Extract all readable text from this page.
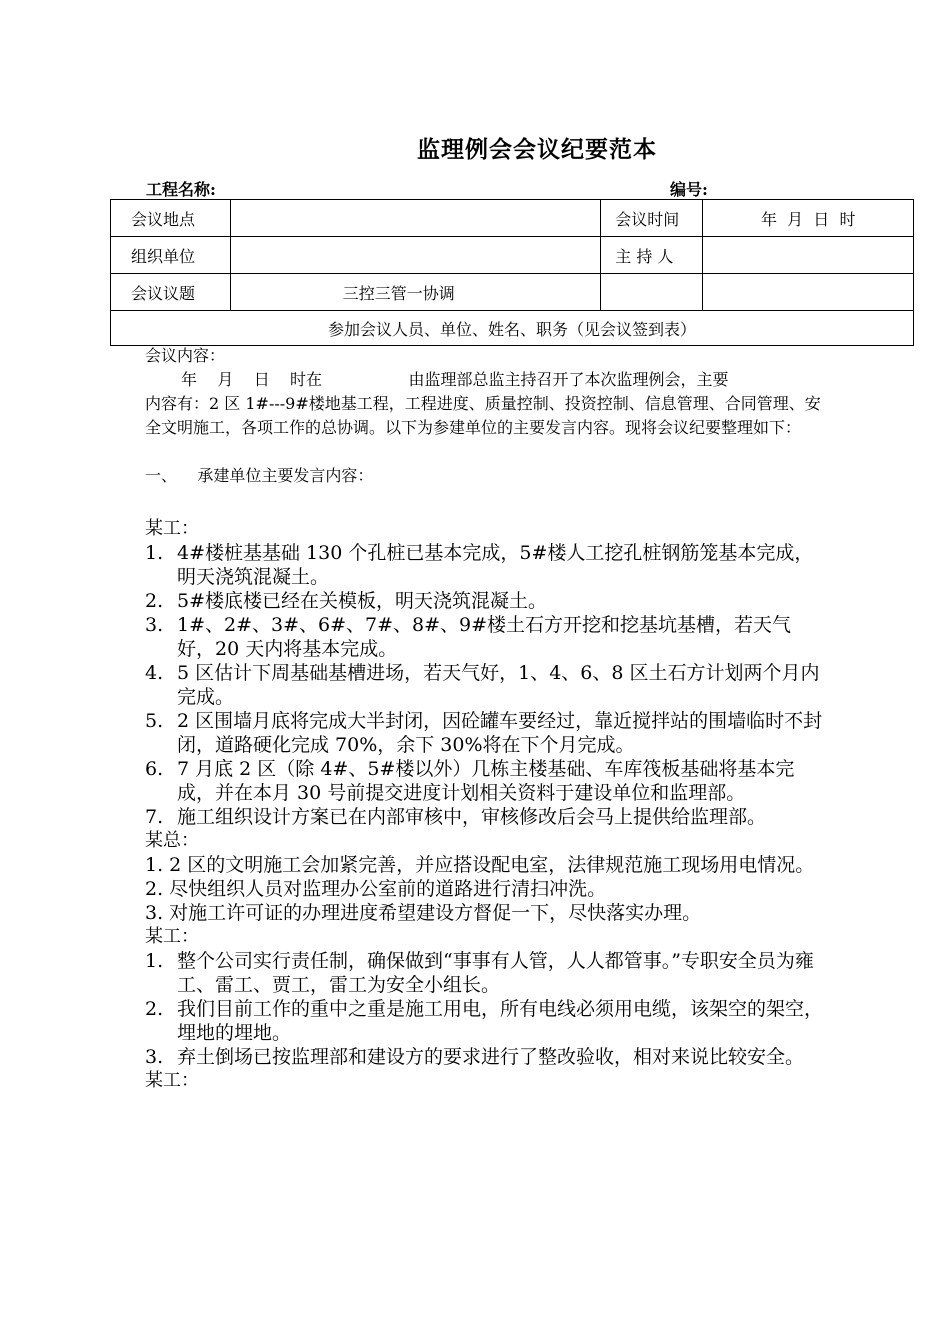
监理例会会议纪要范本
工程名称:	编号:
会议地点		会议时间	年  月  日  时
组织单位		主 持 人	
会议议题	三控三管一协调		
参加会议人员、单位、姓名、职务（见会议签到表）			

会议内容：

年    月    日    时在                 由监理部总监主持召开了本次监理例会，主要

内容有：2 区 1#---9#楼地基工程，工程进度、质量控制、投资控制、信息管理、合同管理、安全文明施工，各项工作的总协调。以下为参建单位的主要发言内容。现将会议纪要整理如下：

一、    承建单位主要发言内容：

某工：
1. 4#楼桩基基础 130 个孔桩已基本完成，5#楼人工挖孔桩钢筋笼基本完成，明天浇筑混凝土。
2. 5#楼底楼已经在关模板，明天浇筑混凝土。
3. 1#、2#、3#、6#、7#、8#、9#楼土石方开挖和挖基坑基槽，若天气好，20 天内将基本完成。
4. 5 区估计下周基础基槽进场，若天气好，1、4、6、8 区土石方计划两个月内完成。
5. 2 区围墙月底将完成大半封闭，因砼罐车要经过，靠近搅拌站的围墙临时不封闭，道路硬化完成 70%，余下 30%将在下个月完成。
6. 7 月底 2 区（除 4#、5#楼以外）几栋主楼基础、车库筏板基础将基本完成，并在本月 30 号前提交进度计划相关资料于建设单位和监理部。
7. 施工组织设计方案已在内部审核中，审核修改后会马上提供给监理部。
某总：
1. 2 区的文明施工会加紧完善，并应搭设配电室，法律规范施工现场用电情况。
2. 尽快组织人员对监理办公室前的道路进行清扫冲洗。
3. 对施工许可证的办理进度希望建设方督促一下，尽快落实办理。
某工：
1. 整个公司实行责任制，确保做到“事事有人管，人人都管事。”专职安全员为雍工、雷工、贾工，雷工为安全小组长。
2. 我们目前工作的重中之重是施工用电，所有电线必须用电缆，该架空的架空，埋地的埋地。
3. 弃土倒场已按监理部和建设方的要求进行了整改验收，相对来说比较安全。
某工：
